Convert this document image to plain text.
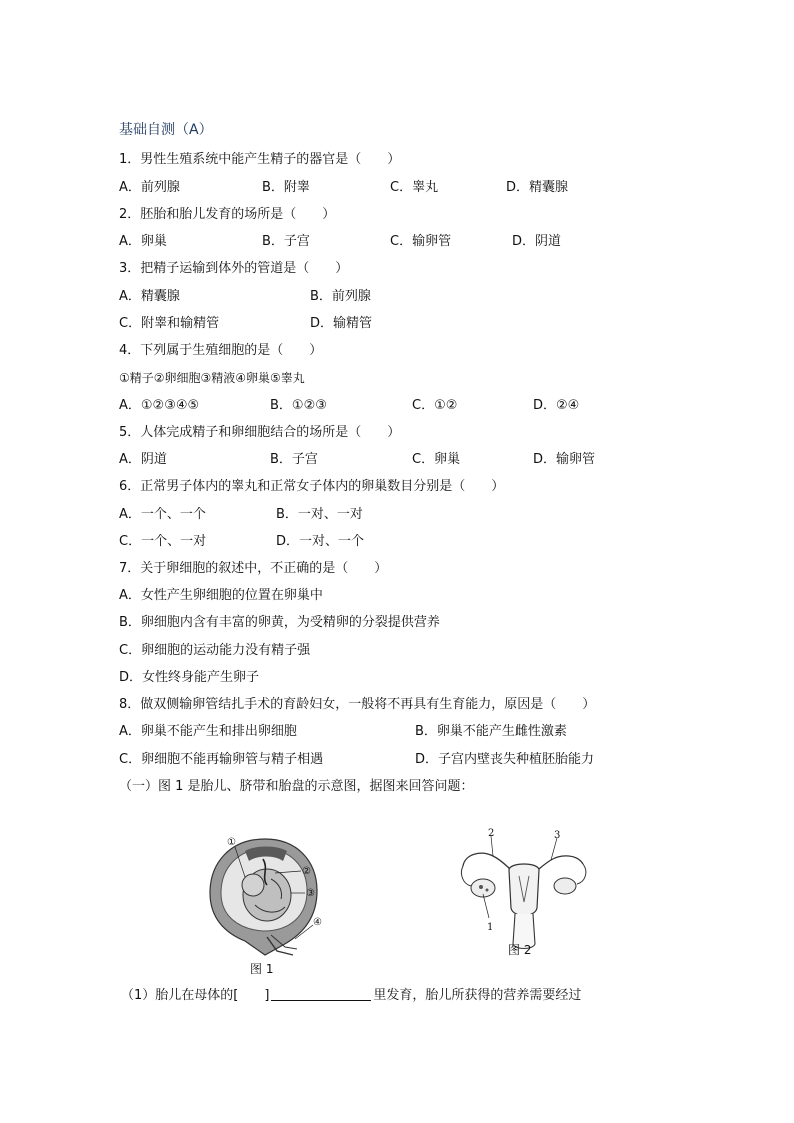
基础自测（A）
1．男性生殖系统中能产生精子的器官是（　　）
A．前列腺	B．附睾	C．睾丸	D．精囊腺
2．胚胎和胎儿发育的场所是（　　）
A．卵巢	B．子宫	C．输卵管	D．阴道
3．把精子运输到体外的管道是（　　）
A．精囊腺	B．前列腺
C．附睾和输精管	D．输精管
4．下列属于生殖细胞的是（　　）
①精子②卵细胞③精液④卵巢⑤睾丸
A．①②③④⑤	B．①②③	C．①②	D．②④
5．人体完成精子和卵细胞结合的场所是（　　）
A．阴道	B．子宫	C．卵巢	D．输卵管
6．正常男子体内的睾丸和正常女子体内的卵巢数目分别是（　　）
A．一个、一个	B．一对、一对
C．一个、一对	D．一对、一个
7．关于卵细胞的叙述中，不正确的是（　　）
A．女性产生卵细胞的位置在卵巢中
B．卵细胞内含有丰富的卵黄，为受精卵的分裂提供营养
C．卵细胞的运动能力没有精子强
D．女性终身能产生卵子
8．做双侧输卵管结扎手术的育龄妇女，一般将不再具有生育能力，原因是（　　）
A．卵巢不能产生和排出卵细胞	B．卵巢不能产生雌性激素
C．卵细胞不能再输卵管与精子相遇	D．子宫内壁丧失种植胚胎能力
（一）图 1 是胎儿、脐带和胎盘的示意图，据图来回答问题：
①
②
③
④
图 1
2	3
1
图 2
（1）胎儿在母体的[　　]	里发育，胎儿所获得的营养需要经过
